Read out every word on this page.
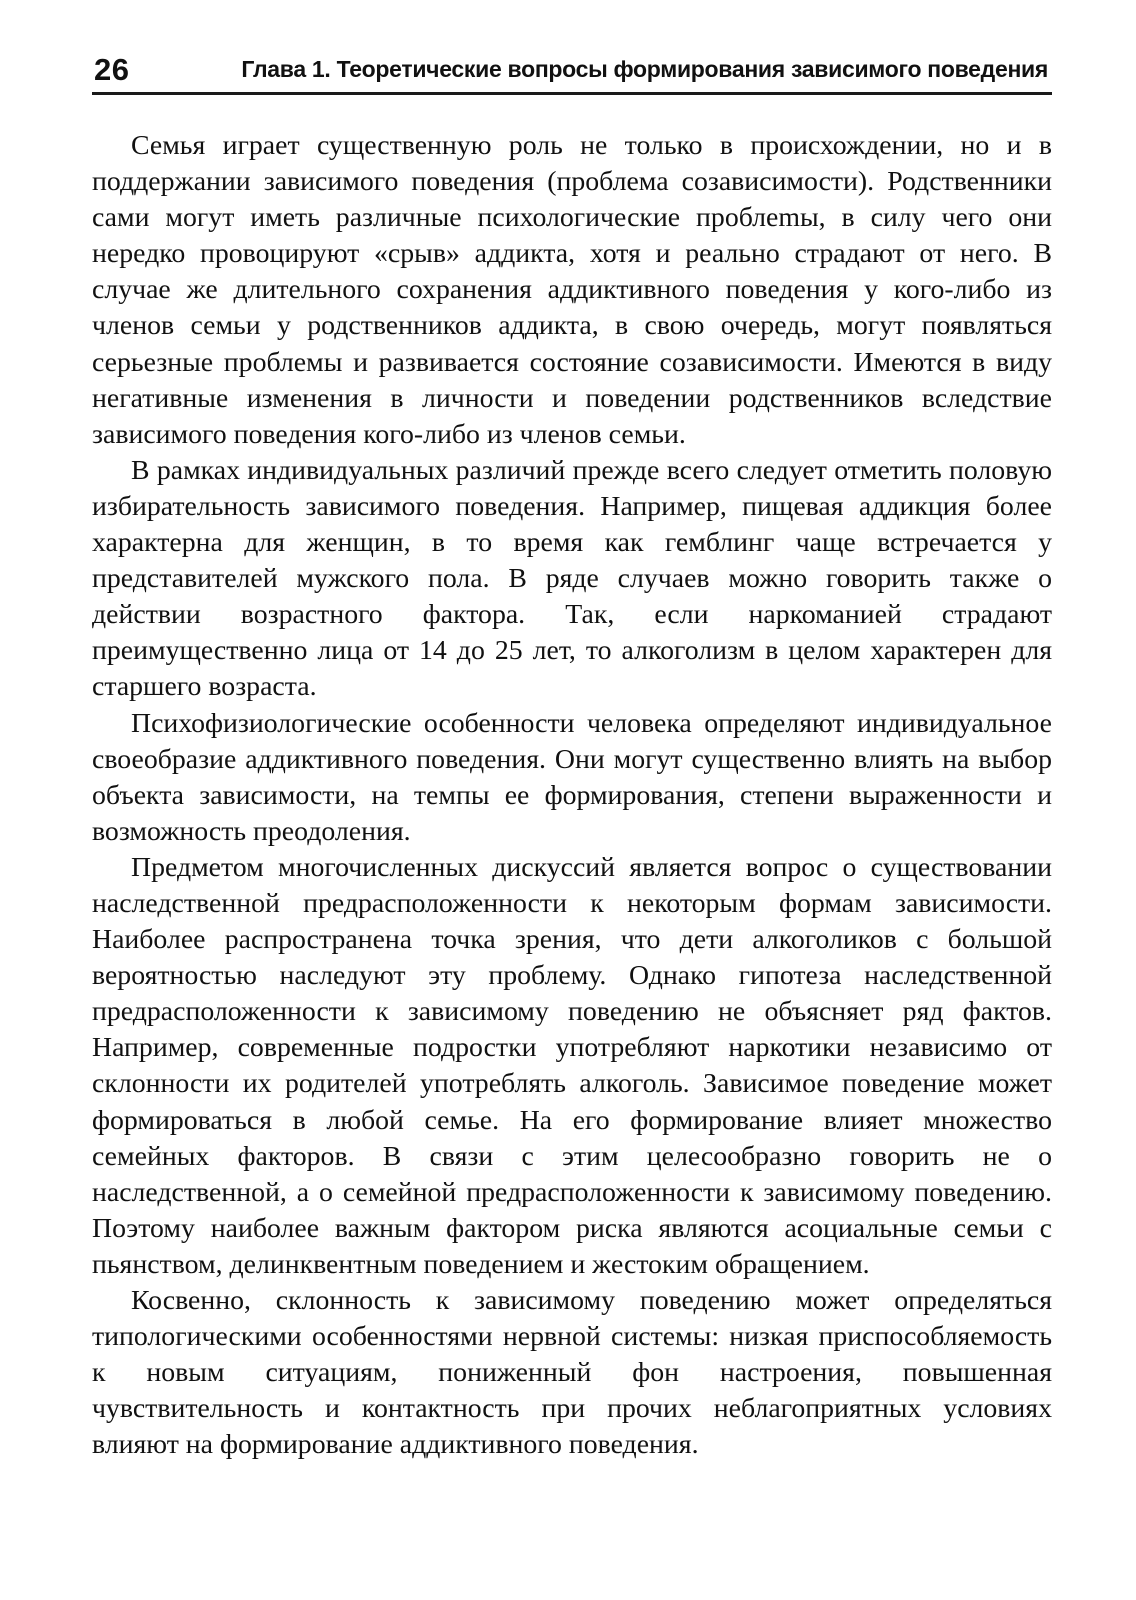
26	Глава 1. Теоретические вопросы формирования зависимого поведения

Семья играет существенную роль не только в происхождении, но и в поддержании зависимого поведения (проблема созависимости). Родственники сами могут иметь различные психологические проблеmы, в силу чего они нередко провоцируют «срыв» аддикта, хотя и реально страдают от него. В случае же длительного сохранения аддиктивного поведения у кого-либо из членов семьи у родственников аддикта, в свою очередь, могут появляться серьезные проблемы и развивается состояние созависимости. Имеются в виду негативные изменения в личности и поведении родственников вследствие зависимого поведения кого-либо из членов семьи.

В рамках индивидуальных различий прежде всего следует отметить половую избирательность зависимого поведения. Например, пищевая аддикция более характерна для женщин, в то время как гемблинг чаще встречается у представителей мужского пола. В ряде случаев можно говорить также о действии возрастного фактора. Так, если наркоманией страдают преимущественно лица от 14 до 25 лет, то алкоголизм в целом характерен для старшего возраста.

Психофизиологические особенности человека определяют индивидуальное своеобразие аддиктивного поведения. Они могут существенно влиять на выбор объекта зависимости, на темпы ее формирования, степени выраженности и возможность преодоления.

Предметом многочисленных дискуссий является вопрос о существовании наследственной предрасположенности к некоторым формам зависимости. Наиболее распространена точка зрения, что дети алкоголиков с большой вероятностью наследуют эту проблему. Однако гипотеза наследственной предрасположенности к зависимому поведению не объясняет ряд фактов. Например, современные подростки употребляют наркотики независимо от склонности их родителей употреблять алкоголь. Зависимое поведение может формироваться в любой семье. На его формирование влияет множество семейных факторов. В связи с этим целесообразно говорить не о наследственной, а о семейной предрасположенности к зависимому поведению. Поэтому наиболее важным фактором риска являются асоциальные семьи с пьянством, делинквентным поведением и жестоким обращением.

Косвенно, склонность к зависимому поведению может определяться типологическими особенностями нервной системы: низкая приспособляемость к новым ситуациям, пониженный фон настроения, повышенная чувствительность и контактность при прочих неблагоприятных условиях влияют на формирование аддиктивного поведения.
